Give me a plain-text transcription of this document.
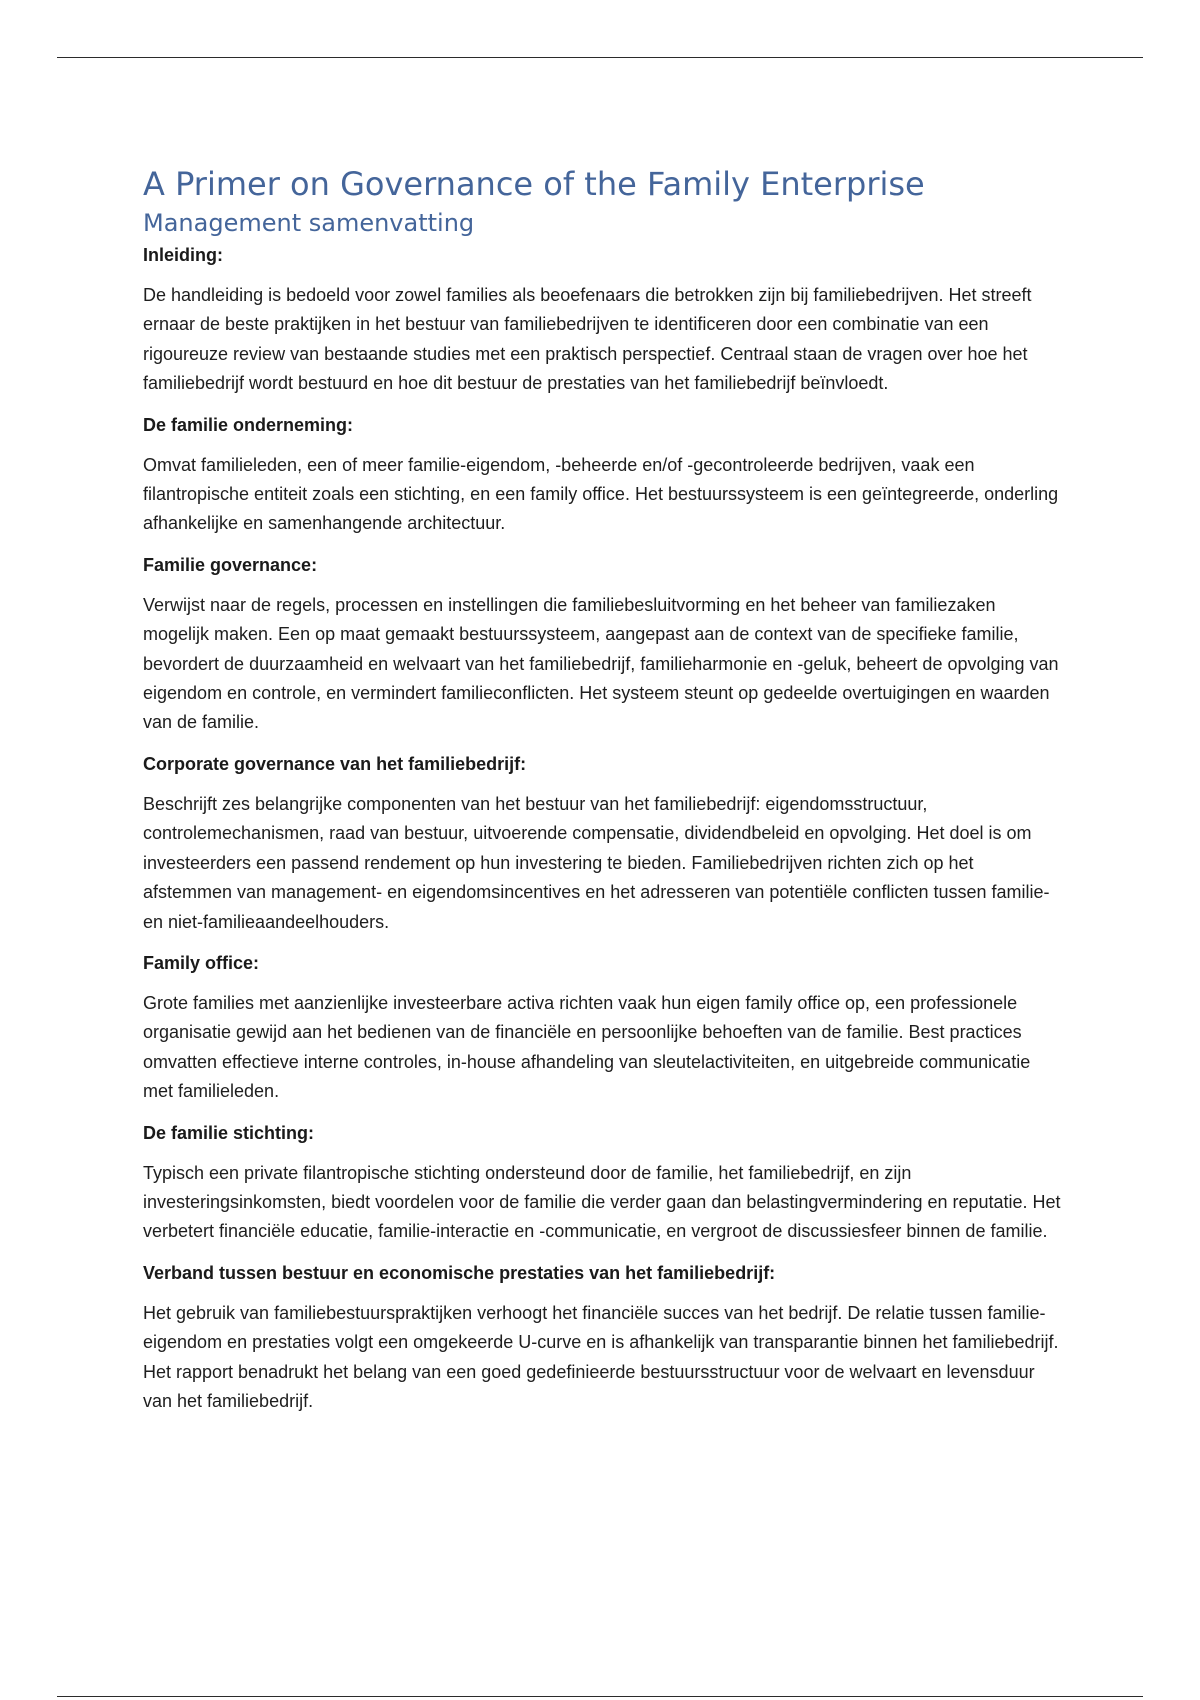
A Primer on Governance of the Family Enterprise
Management samenvatting

Inleiding:

De handleiding is bedoeld voor zowel families als beoefenaars die betrokken zijn bij familiebedrijven. Het streeft ernaar de beste praktijken in het bestuur van familiebedrijven te identificeren door een combinatie van een rigoureuze review van bestaande studies met een praktisch perspectief. Centraal staan de vragen over hoe het familiebedrijf wordt bestuurd en hoe dit bestuur de prestaties van het familiebedrijf beïnvloedt.

De familie onderneming:

Omvat familieleden, een of meer familie-eigendom, -beheerde en/of -gecontroleerde bedrijven, vaak een filantropische entiteit zoals een stichting, en een family office. Het bestuurssysteem is een geïntegreerde, onderling afhankelijke en samenhangende architectuur.

Familie governance:

Verwijst naar de regels, processen en instellingen die familiebesluitvorming en het beheer van familiezaken mogelijk maken. Een op maat gemaakt bestuurssysteem, aangepast aan de context van de specifieke familie, bevordert de duurzaamheid en welvaart van het familiebedrijf, familieharmonie en -geluk, beheert de opvolging van eigendom en controle, en vermindert familieconflicten. Het systeem steunt op gedeelde overtuigingen en waarden van de familie.

Corporate governance van het familiebedrijf:

Beschrijft zes belangrijke componenten van het bestuur van het familiebedrijf: eigendomsstructuur, controlemechanismen, raad van bestuur, uitvoerende compensatie, dividendbeleid en opvolging. Het doel is om investeerders een passend rendement op hun investering te bieden. Familiebedrijven richten zich op het afstemmen van management- en eigendomsincentives en het adresseren van potentiële conflicten tussen familie- en niet-familieaandeelhouders.

Family office:

Grote families met aanzienlijke investeerbare activa richten vaak hun eigen family office op, een professionele organisatie gewijd aan het bedienen van de financiële en persoonlijke behoeften van de familie. Best practices omvatten effectieve interne controles, in-house afhandeling van sleutelactiviteiten, en uitgebreide communicatie met familieleden.

De familie stichting:

Typisch een private filantropische stichting ondersteund door de familie, het familiebedrijf, en zijn investeringsinkomsten, biedt voordelen voor de familie die verder gaan dan belastingvermindering en reputatie. Het verbetert financiële educatie, familie-interactie en -communicatie, en vergroot de discussiesfeer binnen de familie.

Verband tussen bestuur en economische prestaties van het familiebedrijf:

Het gebruik van familiebestuurspraktijken verhoogt het financiële succes van het bedrijf. De relatie tussen familie-eigendom en prestaties volgt een omgekeerde U-curve en is afhankelijk van transparantie binnen het familiebedrijf. Het rapport benadrukt het belang van een goed gedefinieerde bestuursstructuur voor de welvaart en levensduur van het familiebedrijf.
